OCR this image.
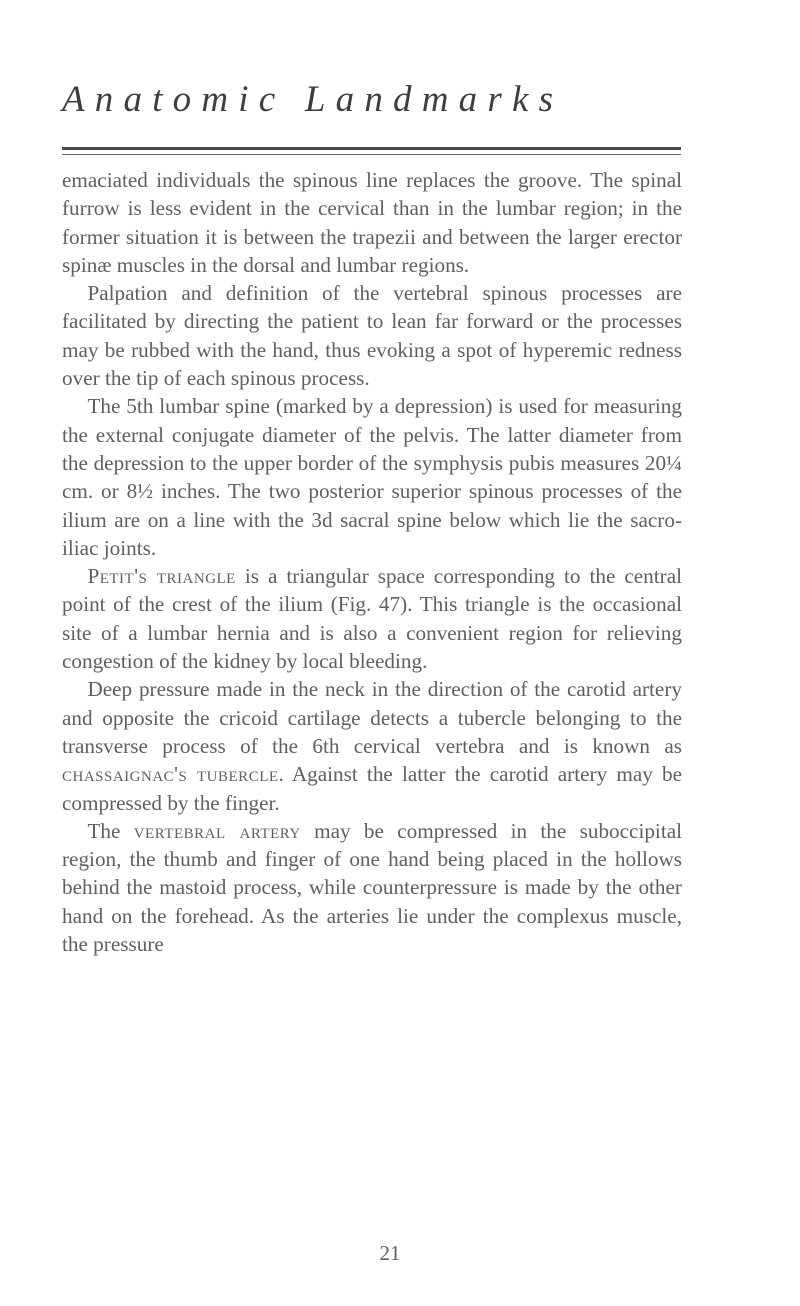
Anatomic Landmarks

emaciated individuals the spinous line replaces the groove. The spinal furrow is less evident in the cervical than in the lumbar region; in the former situation it is between the trapezii and between the larger erector spinæ muscles in the dorsal and lumbar regions.

Palpation and definition of the vertebral spinous processes are facilitated by directing the patient to lean far forward or the processes may be rubbed with the hand, thus evoking a spot of hyperemic redness over the tip of each spinous process.

The 5th lumbar spine (marked by a depression) is used for measuring the external conjugate diameter of the pelvis. The latter diameter from the depression to the upper border of the symphysis pubis measures 20¼ cm. or 8½ inches. The two posterior superior spinous processes of the ilium are on a line with the 3d sacral spine below which lie the sacro-iliac joints.

Petit's triangle is a triangular space corresponding to the central point of the crest of the ilium (Fig. 47). This triangle is the occasional site of a lumbar hernia and is also a convenient region for relieving congestion of the kidney by local bleeding.

Deep pressure made in the neck in the direction of the carotid artery and opposite the cricoid cartilage detects a tubercle belonging to the transverse process of the 6th cervical vertebra and is known as chassaignac's tubercle. Against the latter the carotid artery may be compressed by the finger.

The vertebral artery may be compressed in the suboccipital region, the thumb and finger of one hand being placed in the hollows behind the mastoid process, while counterpressure is made by the other hand on the forehead. As the arteries lie under the complexus muscle, the pressure

21
